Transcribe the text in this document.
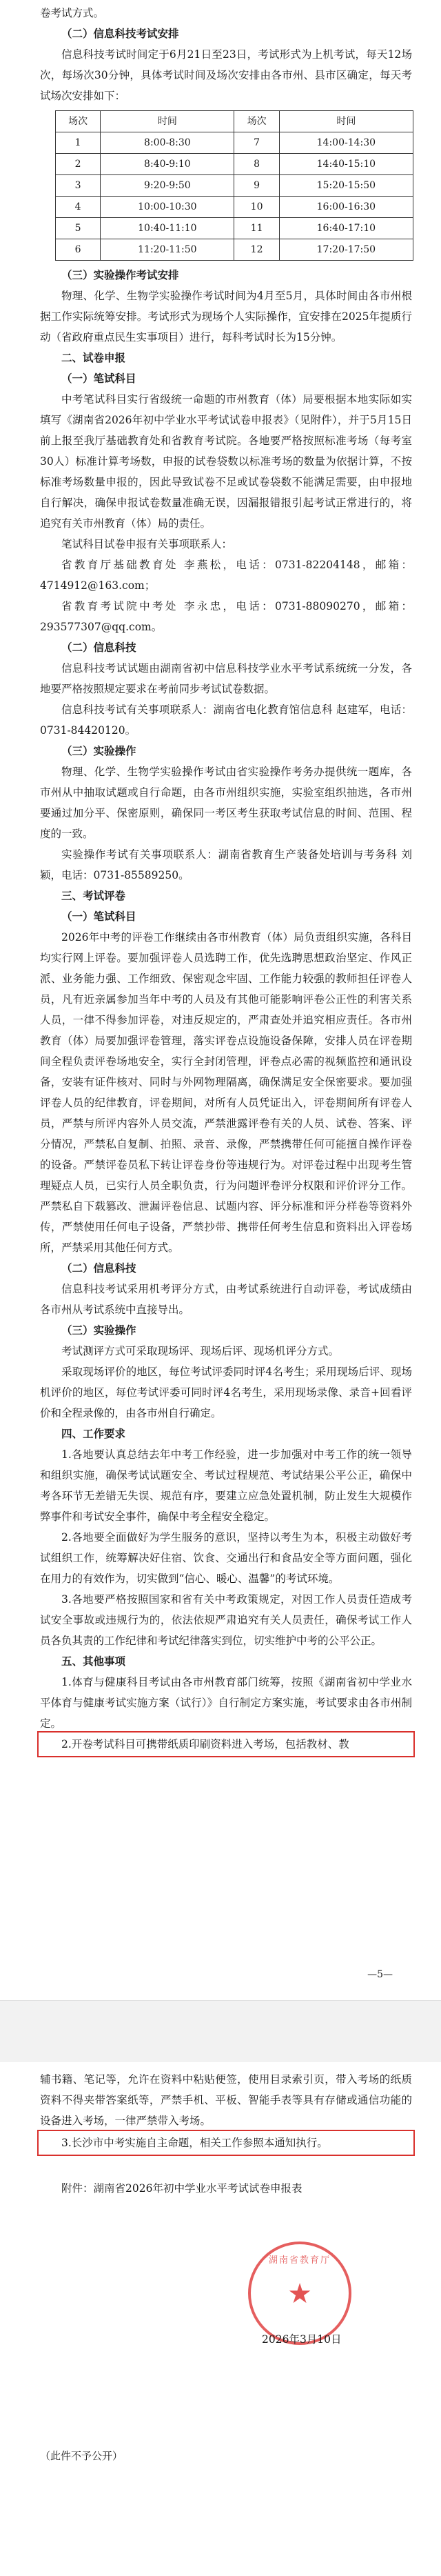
卷考试方式。

（二）信息科技考试安排

信息科技考试时间定于6月21日至23日，考试形式为上机考试，每天12场次，每场次30分钟，具体考试时间及场次安排由各市州、县市区确定，每天考试场次安排如下：

场次	时间	场次	时间
1	8:00-8:30	7	14:00-14:30
2	8:40-9:10	8	14:40-15:10
3	9:20-9:50	9	15:20-15:50
4	10:00-10:30	10	16:00-16:30
5	10:40-11:10	11	16:40-17:10
6	11:20-11:50	12	17:20-17:50

（三）实验操作考试安排

物理、化学、生物学实验操作考试时间为4月至5月，具体时间由各市州根据工作实际统筹安排。考试形式为现场个人实际操作，宜安排在2025年提质行动（省政府重点民生实事项目）进行，每科考试时长为15分钟。

二、试卷申报

（一）笔试科目

中考笔试科目实行省级统一命题的市州教育（体）局要根据本地实际如实填写《湖南省2026年初中学业水平考试试卷申报表》（见附件），并于5月15日前上报至我厅基础教育处和省教育考试院。各地要严格按照标准考场（每考室30人）标准计算考场数，申报的试卷袋数以标准考场的数量为依据计算，不按标准考场数量申报的，因此导致试卷不足或试卷袋数不能满足需要，由申报地自行解决，确保申报试卷数量准确无误，因漏报错报引起考试正常进行的，将追究有关市州教育（体）局的责任。

笔试科目试卷申报有关事项联系人：

省教育厅基础教育处 李燕松，电话：0731-82204148，邮箱：4714912@163.com；

省教育考试院中考处 李永忠，电话：0731-88090270，邮箱：293577307@qq.com。

（二）信息科技

信息科技考试试题由湖南省初中信息科技学业水平考试系统统一分发，各地要严格按照规定要求在考前同步考试试卷数据。

信息科技考试有关事项联系人：湖南省电化教育馆信息科 赵建军，电话：0731-84420120。

（三）实验操作

物理、化学、生物学实验操作考试由省实验操作考务办提供统一题库，各市州从中抽取试题或自行命题，由各市州组织实施，实验室组织抽选，各市州要通过加分平、保密原则，确保同一考区考生获取考试信息的时间、范围、程度的一致。

实验操作考试有关事项联系人：湖南省教育生产装备处培训与考务科 刘颖，电话：0731-85589250。

三、考试评卷

（一）笔试科目

2026年中考的评卷工作继续由各市州教育（体）局负责组织实施，各科目均实行网上评卷。要加强评卷人员选聘工作，优先选聘思想政治坚定、作风正派、业务能力强、工作细致、保密观念牢固、工作能力较强的教师担任评卷人员，凡有近亲属参加当年中考的人员及有其他可能影响评卷公正性的利害关系人员，一律不得参加评卷，对违反规定的，严肃查处并追究相应责任。各市州教育（体）局要加强评卷管理，落实评卷点设施设备保障，安排人员在评卷期间全程负责评卷场地安全，实行全封闭管理，评卷点必需的视频监控和通讯设备，安装有证件核对、同时与外网物理隔离，确保满足安全保密要求。要加强评卷人员的纪律教育，评卷期间，对所有人员凭证出入，评卷期间所有评卷人员，严禁与所评内容外人员交流，严禁泄露评卷有关的人员、试卷、答案、评分情况，严禁私自复制、拍照、录音、录像，严禁携带任何可能擅自操作评卷的设备。严禁评卷员私下转让评卷身份等违规行为。对评卷过程中出现考生管理疑点人员，已实行人员全职负责，行为问题评卷评分权限和评价评分工作。严禁私自下载篡改、泄漏评卷信息、试题内容、评分标准和评分样卷等资料外传，严禁使用任何电子设备，严禁抄带、携带任何考生信息和资料出入评卷场所，严禁采用其他任何方式。

（二）信息科技

信息科技考试采用机考评分方式，由考试系统进行自动评卷，考试成绩由各市州从考试系统中直接导出。

（三）实验操作

考试测评方式可采取现场评、现场后评、现场机评分方式。

采取现场评价的地区，每位考试评委同时评4名考生；采用现场后评、现场机评价的地区，每位考试评委可同时评4名考生，采用现场录像、录音+回看评价和全程录像的，由各市州自行确定。

四、工作要求

1.各地要认真总结去年中考工作经验，进一步加强对中考工作的统一领导和组织实施，确保考试试题安全、考试过程规范、考试结果公平公正，确保中考各环节无差错无失误、规范有序，要建立应急处置机制，防止发生大规模作弊事件和考试安全事件，确保中考全程安全稳定。

2.各地要全面做好为学生服务的意识，坚持以考生为本，积极主动做好考试组织工作，统筹解决好住宿、饮食、交通出行和食品安全等方面问题，强化在用力的有效作为，切实做到“信心、暖心、温馨”的考试环境。

3.各地要严格按照国家和省有关中考政策规定，对因工作人员责任造成考试安全事故或违规行为的，依法依规严肃追究有关人员责任，确保考试工作人员各负其责的工作纪律和考试纪律落实到位，切实维护中考的公平公正。

五、其他事项

1.体育与健康科目考试由各市州教育部门统筹，按照《湖南省初中学业水平体育与健康考试实施方案（试行）》自行制定方案实施，考试要求由各市州制定。

2.开卷考试科目可携带纸质印刷资料进入考场，包括教材、教

—5—

辅书籍、笔记等，允许在资料中粘贴便签，使用目录索引页，带入考场的纸质资料不得夹带答案纸等，严禁手机、平板、智能手表等具有存储或通信功能的设备进入考场，一律严禁带入考场。

3.长沙市中考实施自主命题，相关工作参照本通知执行。

附件：湖南省2026年初中学业水平考试试卷申报表

湖南省教育厅
★
2026年3月10日
（此件不予公开）
